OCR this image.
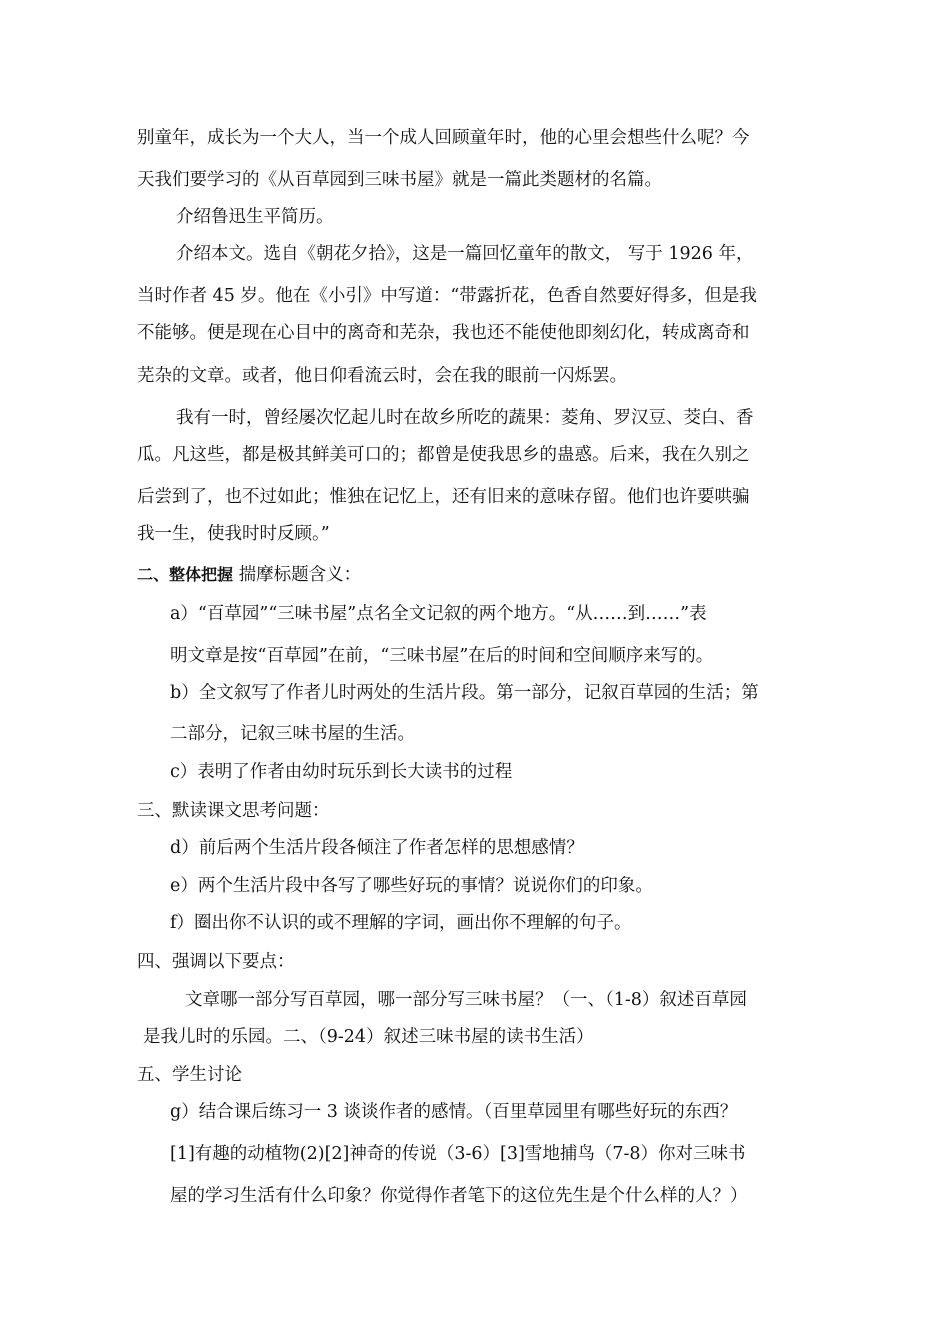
别童年，成长为一个大人，当一个成人回顾童年时，他的心里会想些什么呢？今
天我们要学习的《从百草园到三味书屋》就是一篇此类题材的名篇。
介绍鲁迅生平简历。
介绍本文。选自《朝花夕拾》，这是一篇回忆童年的散文， 写于 1926 年，
当时作者 45 岁。他在《小引》中写道：“带露折花，色香自然要好得多，但是我
不能够。便是现在心目中的离奇和芜杂，我也还不能使他即刻幻化，转成离奇和
芜杂的文章。或者，他日仰看流云时，会在我的眼前一闪烁罢。
我有一时，曾经屡次忆起儿时在故乡所吃的蔬果：菱角、罗汉豆、茭白、香
瓜。凡这些，都是极其鲜美可口的；都曾是使我思乡的蛊惑。后来，我在久别之
后尝到了，也不过如此；惟独在记忆上，还有旧来的意味存留。他们也许要哄骗
我一生，使我时时反顾。”
二、整体把握 揣摩标题含义：
a）“百草园”“三味书屋”点名全文记叙的两个地方。“从……到……”表
明文章是按“百草园”在前，“三味书屋”在后的时间和空间顺序来写的。
b）全文叙写了作者儿时两处的生活片段。第一部分，记叙百草园的生活；第
二部分，记叙三味书屋的生活。
c）表明了作者由幼时玩乐到长大读书的过程
三、默读课文思考问题：
d）前后两个生活片段各倾注了作者怎样的思想感情？
e）两个生活片段中各写了哪些好玩的事情？说说你们的印象。
f）圈出你不认识的或不理解的字词，画出你不理解的句子。
四、强调以下要点：
文章哪一部分写百草园，哪一部分写三味书屋？（一、（1-8）叙述百草园
是我儿时的乐园。二、（9-24）叙述三味书屋的读书生活）
五、学生讨论
g）结合课后练习一 3 谈谈作者的感情。（百里草园里有哪些好玩的东西？
[1]有趣的动植物(2)[2]神奇的传说（3-6）[3]雪地捕鸟（7-8）你对三味书
屋的学习生活有什么印象？你觉得作者笔下的这位先生是个什么样的人？）
